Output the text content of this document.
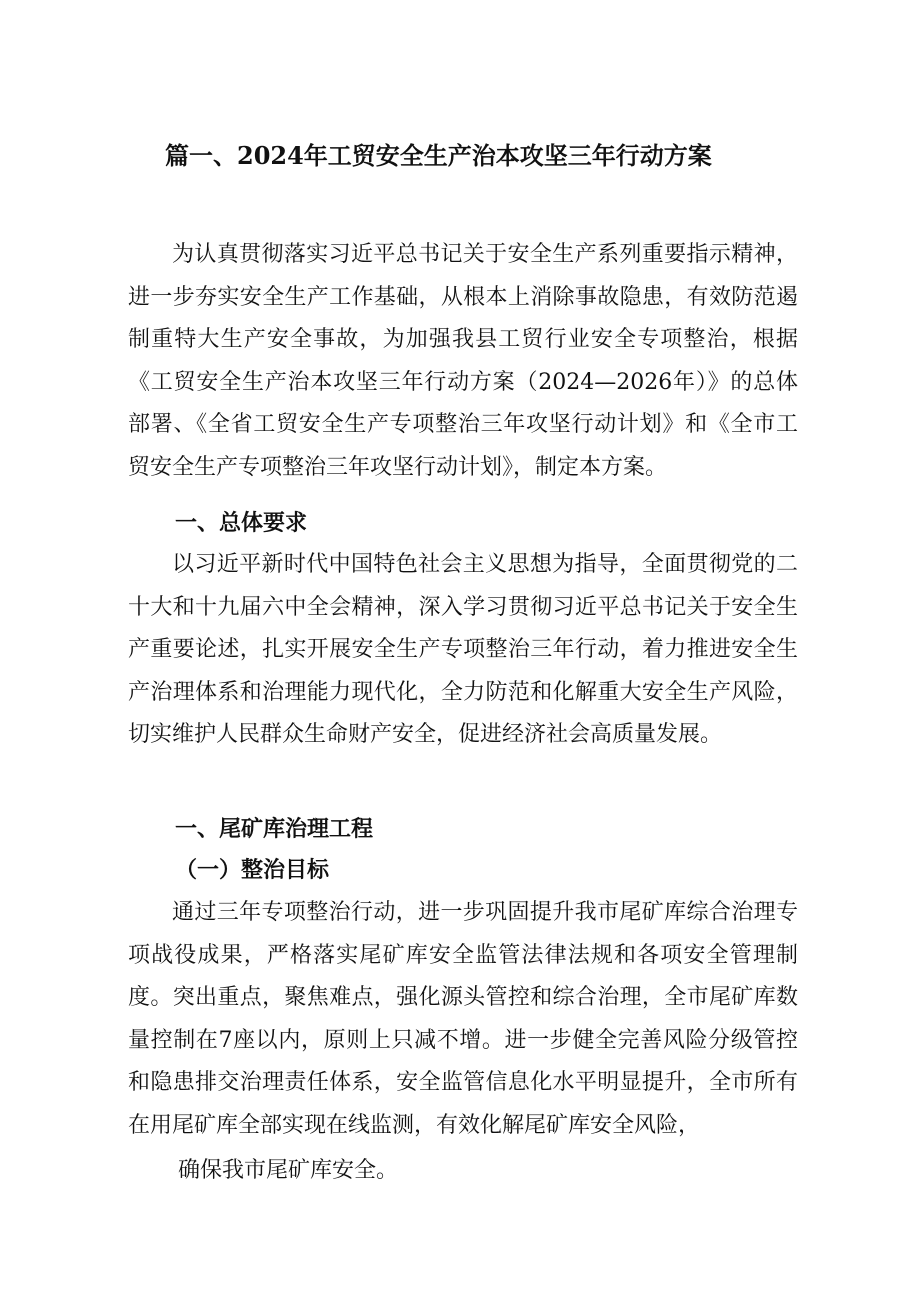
篇一、2024年工贸安全生产治本攻坚三年行动方案

为认真贯彻落实习近平总书记关于安全生产系列重要指示精神，进一步夯实安全生产工作基础，从根本上消除事故隐患，有效防范遏制重特大生产安全事故，为加强我县工贸行业安全专项整治，根据《工贸安全生产治本攻坚三年行动方案（2024—2026年）》的总体部署、《全省工贸安全生产专项整治三年攻坚行动计划》和《全市工贸安全生产专项整治三年攻坚行动计划》，制定本方案。

一、总体要求

以习近平新时代中国特色社会主义思想为指导，全面贯彻党的二十大和十九届六中全会精神，深入学习贯彻习近平总书记关于安全生产重要论述，扎实开展安全生产专项整治三年行动，着力推进安全生产治理体系和治理能力现代化，全力防范和化解重大安全生产风险，切实维护人民群众生命财产安全，促进经济社会高质量发展。

一、尾矿库治理工程
（一）整治目标

通过三年专项整治行动，进一步巩固提升我市尾矿库综合治理专项战役成果，严格落实尾矿库安全监管法律法规和各项安全管理制度。突出重点，聚焦难点，强化源头管控和综合治理，全市尾矿库数量控制在7座以内，原则上只减不增。进一步健全完善风险分级管控和隐患排交治理责任体系，安全监管信息化水平明显提升，全市所有在用尾矿库全部实现在线监测，有效化解尾矿库安全风险，

确保我市尾矿库安全。
